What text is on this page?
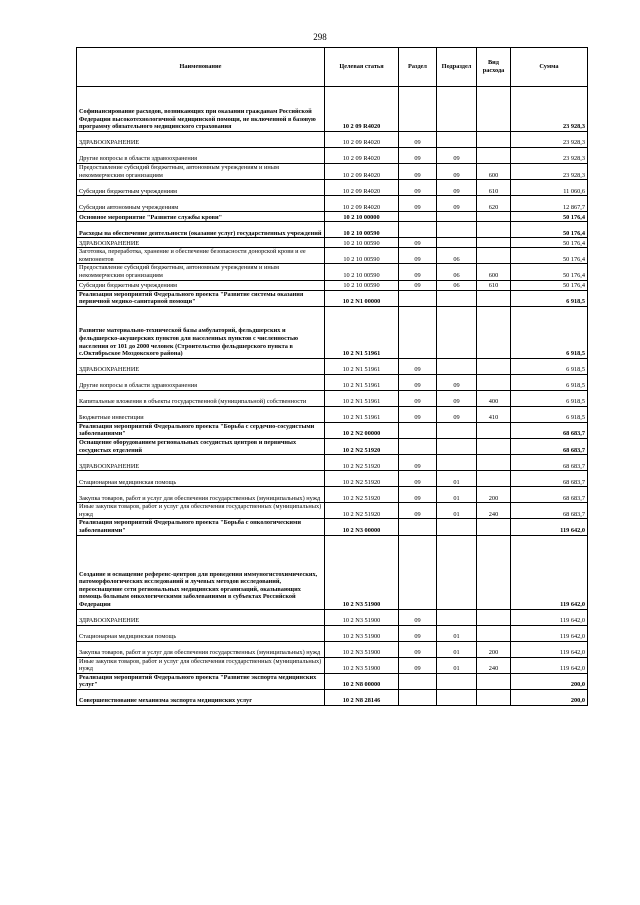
298
Наименование	Целевая статья	Раздел	Подраздел	Вид расхода	Сумма
Софинансирование расходов, возникающих при оказании гражданам Российской Федерации высокотехнологичной медицинской помощи, не включенной в базовую программу обязательного медицинского страхования	10 2 09 R4020				23 928,3
ЗДРАВООХРАНЕНИЕ	10 2 09 R4020	09			23 928,3
Другие вопросы в области здравоохранения	10 2 09 R4020	09	09		23 928,3
Предоставление субсидий бюджетным, автономным учреждениям и иным некоммерческим организациям	10 2 09 R4020	09	09	600	23 928,3
Субсидии бюджетным учреждениям	10 2 09 R4020	09	09	610	11 060,6
Субсидии автономным учреждениям	10 2 09 R4020	09	09	620	12 867,7
Основное мероприятие "Развитие службы крови"	10 2 10 00000				50 176,4
Расходы на обеспечение деятельности (оказание услуг) государственных учреждений	10 2 10 00590				50 176,4
ЗДРАВООХРАНЕНИЕ	10 2 10 00590	09			50 176,4
Заготовка, переработка, хранение и обеспечение безопасности донорской крови и ее компонентов	10 2 10 00590	09	06		50 176,4
Предоставление субсидий бюджетным, автономным учреждениям и иным некоммерческим организациям	10 2 10 00590	09	06	600	50 176,4
Субсидии бюджетным учреждениям	10 2 10 00590	09	06	610	50 176,4
Реализация мероприятий Федерального проекта "Развитие системы оказания первичной медико-санитарной помощи"	10 2 N1 00000				6 918,5
Развитие материально-технической базы амбулаторий, фельдшерских и фельдшерско-акушерских пунктов для населенных пунктов с численностью населения от 101 до 2000 человек (Строительство фельдшерского пункта в с.Октябрьское Моздокского района)	10 2 N1 51961				6 918,5
ЗДРАВООХРАНЕНИЕ	10 2 N1 51961	09			6 918,5
Другие вопросы в области здравоохранения	10 2 N1 51961	09	09		6 918,5
Капитальные вложения в объекты государственной (муниципальной) собственности	10 2 N1 51961	09	09	400	6 918,5
Бюджетные инвестиции	10 2 N1 51961	09	09	410	6 918,5
Реализация мероприятий Федерального проекта "Борьба с сердечно-сосудистыми заболеваниями"	10 2 N2 00000				68 683,7
Оснащение оборудованием региональных сосудистых центров и первичных сосудистых отделений	10 2 N2 51920				68 683,7
ЗДРАВООХРАНЕНИЕ	10 2 N2 51920	09			68 683,7
Стационарная медицинская помощь	10 2 N2 51920	09	01		68 683,7
Закупка товаров, работ и услуг для обеспечения государственных (муниципальных) нужд	10 2 N2 51920	09	01	200	68 683,7
Иные закупки товаров, работ и услуг для обеспечения государственных (муниципальных) нужд	10 2 N2 51920	09	01	240	68 683,7
Реализация мероприятий Федерального проекта "Борьба с онкологическими заболеваниями"	10 2 N3 00000				119 642,0
Создание и оснащение референс-центров для проведения иммуногистохимических, патоморфологических исследований и лучевых методов исследований, переоснащение сети региональных медицинских организаций, оказывающих помощь больным онкологическими заболеваниями в субъектах Российской Федерации	10 2 N3 51900				119 642,0
ЗДРАВООХРАНЕНИЕ	10 2 N3 51900	09			119 642,0
Стационарная медицинская помощь	10 2 N3 51900	09	01		119 642,0
Закупка товаров, работ и услуг для обеспечения государственных (муниципальных) нужд	10 2 N3 51900	09	01	200	119 642,0
Иные закупки товаров, работ и услуг для обеспечения государственных (муниципальных) нужд	10 2 N3 51900	09	01	240	119 642,0
Реализация мероприятий Федерального проекта "Развитие экспорта медицинских услуг"	10 2 N8 00000				200,0
Совершенствование механизма экспорта медицинских услуг	10 2 N8 28146				200,0
